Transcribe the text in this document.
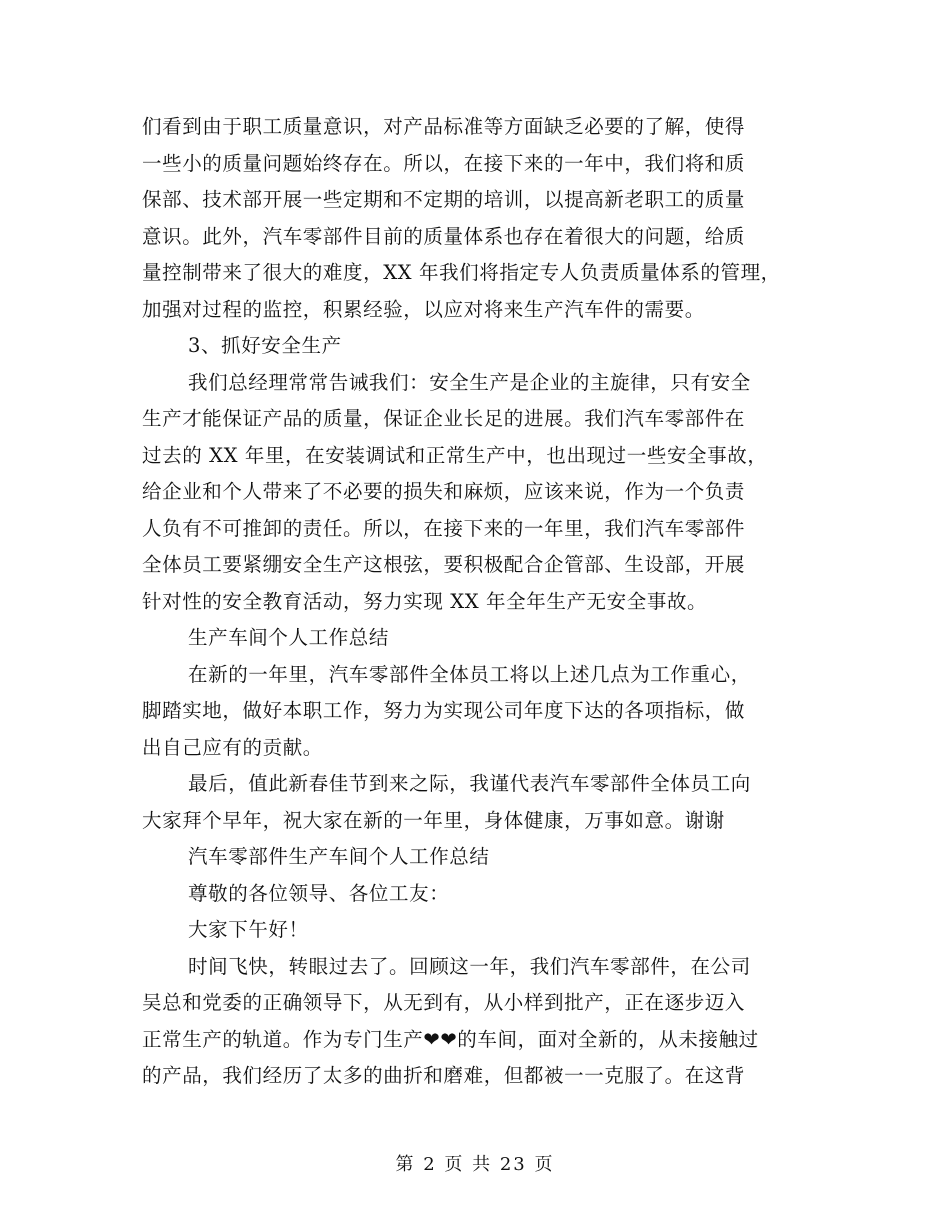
们看到由于职工质量意识，对产品标准等方面缺乏必要的了解，使得
一些小的质量问题始终存在。所以，在接下来的一年中，我们将和质
保部、技术部开展一些定期和不定期的培训，以提高新老职工的质量
意识。此外，汽车零部件目前的质量体系也存在着很大的问题，给质
量控制带来了很大的难度，XX 年我们将指定专人负责质量体系的管理，
加强对过程的监控，积累经验，以应对将来生产汽车件的需要。
3、抓好安全生产
我们总经理常常告诫我们：安全生产是企业的主旋律，只有安全
生产才能保证产品的质量，保证企业长足的进展。我们汽车零部件在
过去的 XX 年里，在安装调试和正常生产中，也出现过一些安全事故，
给企业和个人带来了不必要的损失和麻烦，应该来说，作为一个负责
人负有不可推卸的责任。所以，在接下来的一年里，我们汽车零部件
全体员工要紧绷安全生产这根弦，要积极配合企管部、生设部，开展
针对性的安全教育活动，努力实现 XX 年全年生产无安全事故。
生产车间个人工作总结
在新的一年里，汽车零部件全体员工将以上述几点为工作重心，
脚踏实地，做好本职工作，努力为实现公司年度下达的各项指标，做
出自己应有的贡献。
最后，值此新春佳节到来之际，我谨代表汽车零部件全体员工向
大家拜个早年，祝大家在新的一年里，身体健康，万事如意。谢谢
汽车零部件生产车间个人工作总结
尊敬的各位领导、各位工友：
大家下午好！
时间飞快，转眼过去了。回顾这一年，我们汽车零部件，在公司
吴总和党委的正确领导下，从无到有，从小样到批产，正在逐步迈入
正常生产的轨道。作为专门生产❤❤的车间，面对全新的，从未接触过
的产品，我们经历了太多的曲折和磨难，但都被一一克服了。在这背
第 2 页 共 23 页
